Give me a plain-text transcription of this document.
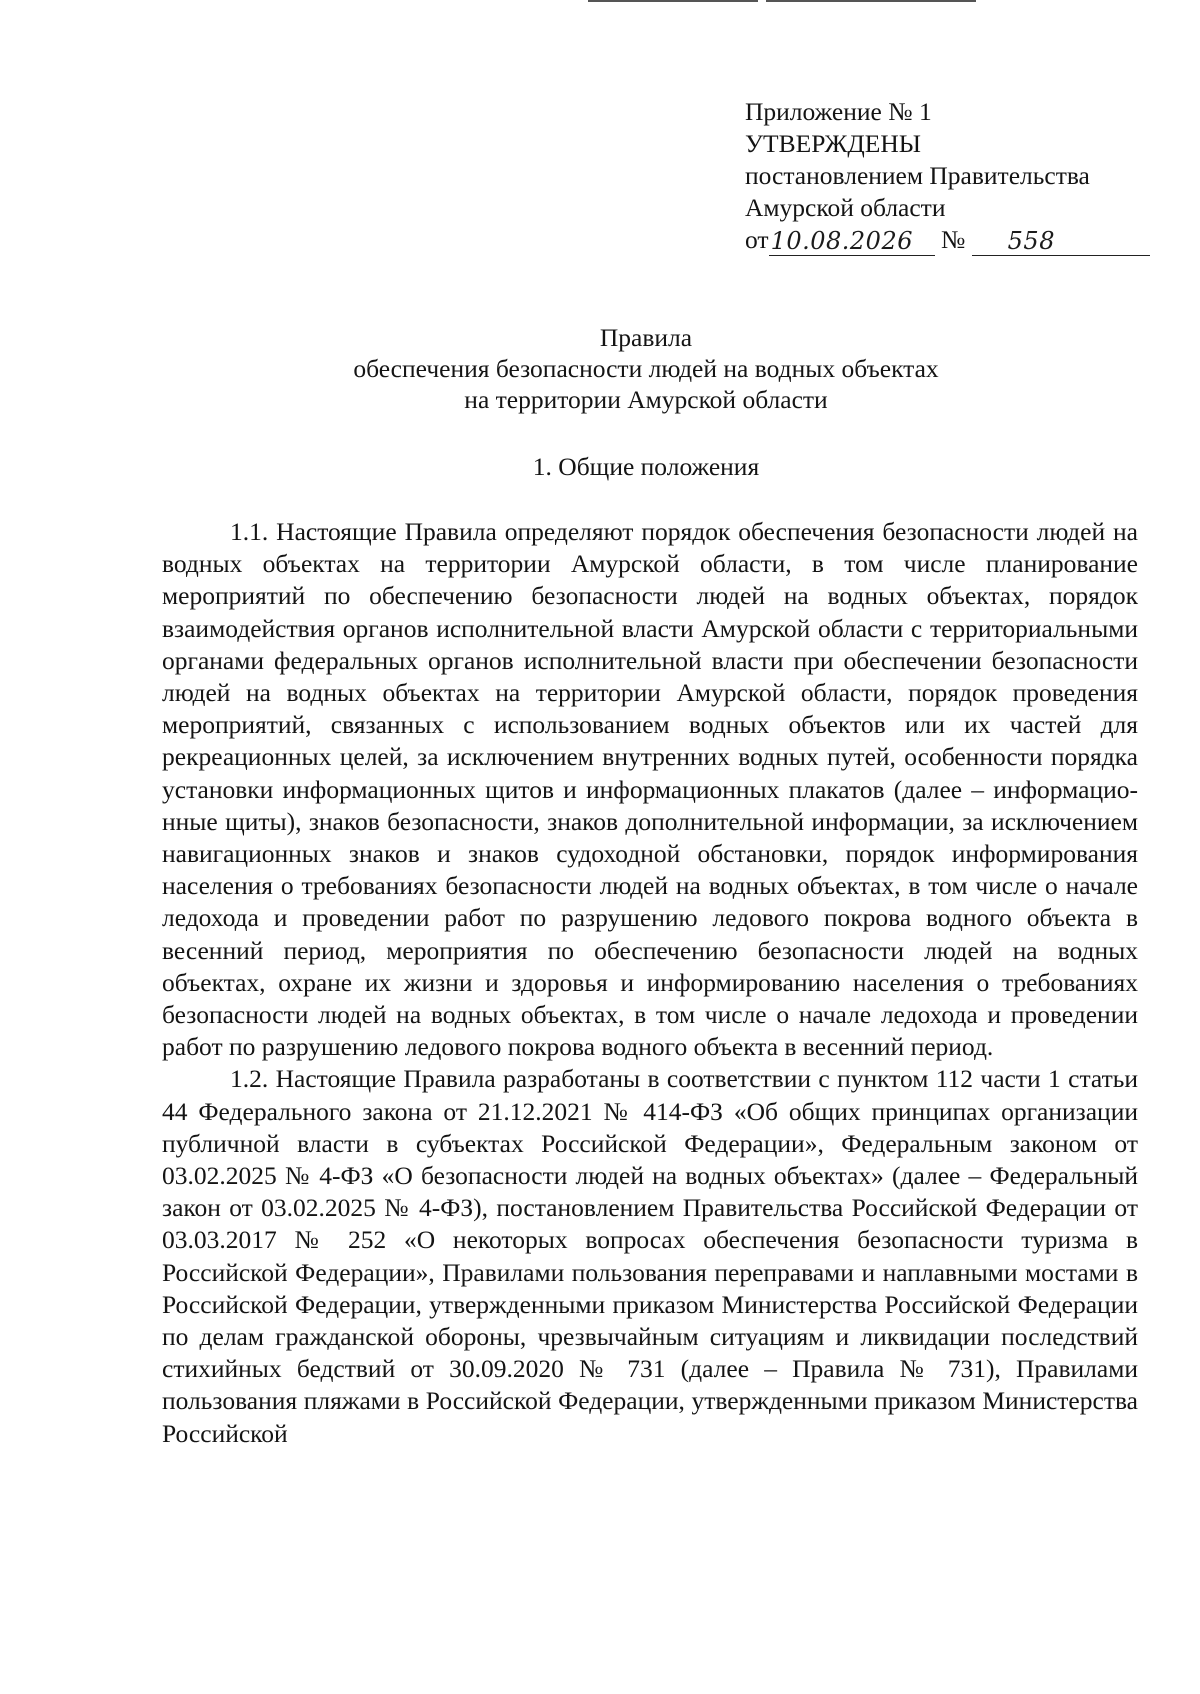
Приложение № 1
УТВЕРЖДЕНЫ
постановлением Правительства
Амурской области
от10.08.2026 № 558
Правила
обеспечения безопасности людей на водных объектах
на территории Амурской области
1. Общие положения

1.1. Настоящие Правила определяют порядок обеспечения безопасности людей на водных объектах на территории Амурской области, в том числе планирование мероприятий по обеспечению безопасности людей на водных объектах, порядок взаимодействия органов исполнительной власти Амурской области с территориальными органами федеральных органов исполнительной власти при обеспечении безопасности людей на водных объектах на территории Амурской области, порядок проведения мероприятий, связанных с использованием водных объектов или их частей для рекреационных целей, за исключением внутренних водных путей, особенности порядка установки информационных щитов и информационных плакатов (далее – информационные щиты), знаков безопасности, знаков дополнительной информации, за исключением навигационных знаков и знаков судоходной обстановки, порядок информирования населения о требованиях безопасности людей на водных объектах, в том числе о начале ледохода и проведении работ по разрушению ледового покрова водного объекта в весенний период, мероприятия по обеспечению безопасности людей на водных объектах, охране их жизни и здоровья и информированию населения о требованиях безопасности людей на водных объектах, в том числе о начале ледохода и проведении работ по разрушению ледового покрова водного объекта в весенний период.

1.2. Настоящие Правила разработаны в соответствии с пунктом 112 части 1 статьи 44 Федерального закона от 21.12.2021 № 414-ФЗ «Об общих принципах организации публичной власти в субъектах Российской Федерации», Федеральным законом от 03.02.2025 № 4-ФЗ «О безопасности людей на водных объектах» (далее – Федеральный закон от 03.02.2025 № 4-ФЗ), постановлением Правительства Российской Федерации от 03.03.2017 № 252 «О некоторых вопросах обеспечения безопасности туризма в Российской Федерации», Правилами пользования переправами и наплавными мостами в Российской Федерации, утвержденными приказом Министерства Российской Федерации по делам гражданской обороны, чрезвычайным ситуациям и ликвидации последствий стихийных бедствий от 30.09.2020 № 731 (далее – Правила № 731), Правилами пользования пляжами в Российской Федерации, утвержденными приказом Министерства Российской
